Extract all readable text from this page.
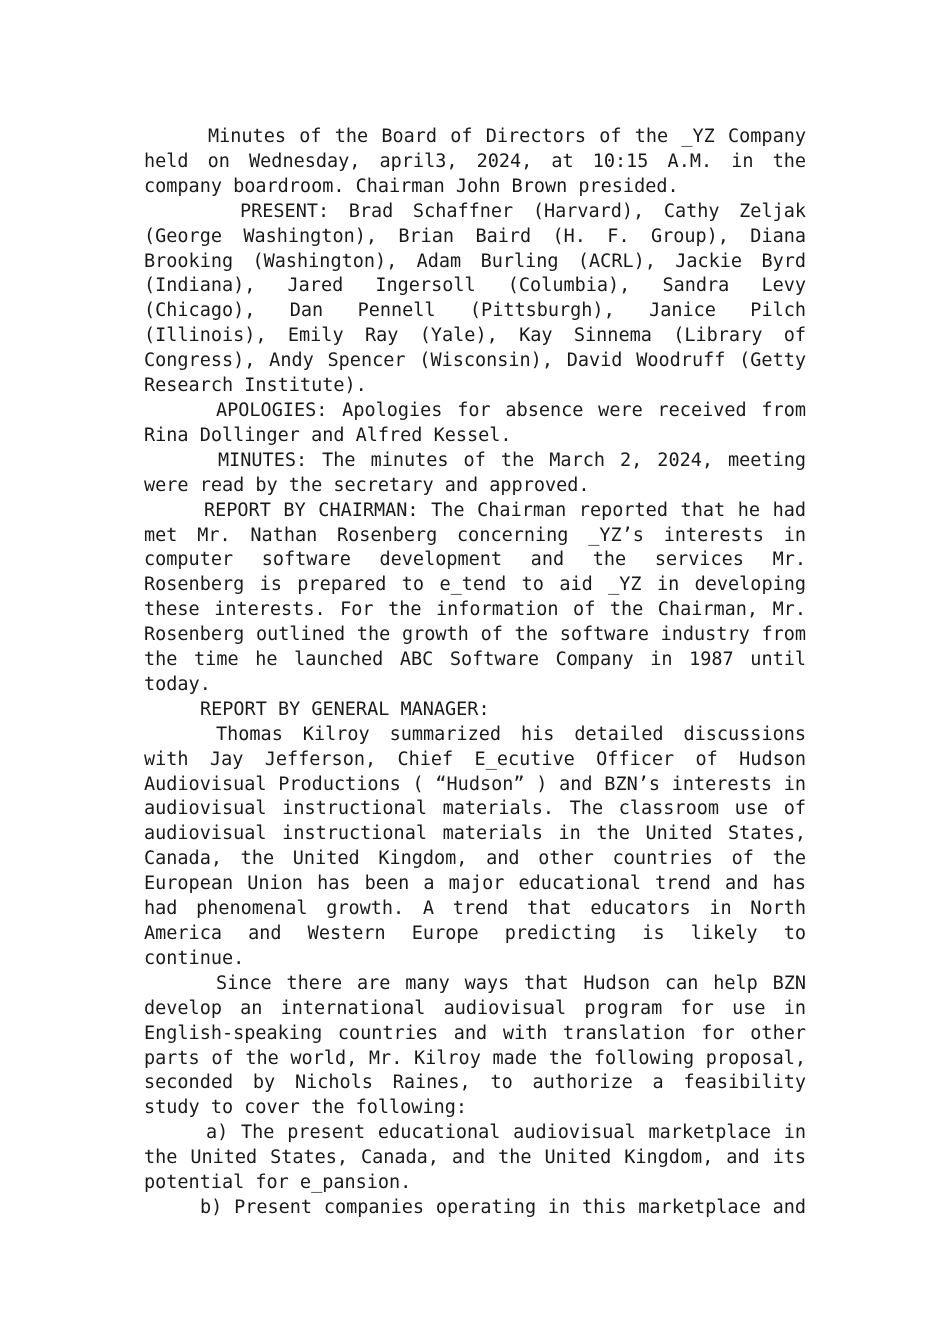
Minutes of the Board of Directors of the _YZ Company held on Wednesday, april3, 2024, at 10:15 A.M. in the company boardroom. Chairman John Brown presided.

PRESENT: Brad Schaffner (Harvard), Cathy Zeljak (George Washington), Brian Baird (H. F. Group), Diana Brooking (Washington), Adam Burling (ACRL), Jackie Byrd (Indiana), Jared Ingersoll (Columbia), Sandra Levy (Chicago), Dan Pennell (Pittsburgh), Janice Pilch (Illinois), Emily Ray (Yale), Kay Sinnema (Library of Congress), Andy Spencer (Wisconsin), David Woodruff (Getty Research Institute).

APOLOGIES: Apologies for absence were received from Rina Dollinger and Alfred Kessel.

MINUTES: The minutes of the March 2, 2024, meeting were read by the secretary and approved.

REPORT BY CHAIRMAN: The Chairman reported that he had met Mr. Nathan Rosenberg concerning _YZ’s interests in computer software development and the services Mr. Rosenberg is prepared to e_tend to aid _YZ in developing these interests. For the information of the Chairman, Mr. Rosenberg outlined the growth of the software industry from the time he launched ABC Software Company in 1987 until today.

REPORT BY GENERAL MANAGER:

Thomas Kilroy summarized his detailed discussions with Jay Jefferson, Chief E_ecutive Officer of Hudson Audiovisual Productions ( “Hudson” ) and BZN’s interests in audiovisual instructional materials. The classroom use of audiovisual instructional materials in the United States, Canada, the United Kingdom, and other countries of the European Union has been a major educational trend and has had phenomenal growth. A trend that educators in North America and Western Europe predicting is likely to continue.

Since there are many ways that Hudson can help BZN develop an international audiovisual program for use in English-speaking countries and with translation for other parts of the world, Mr. Kilroy made the following proposal, seconded by Nichols Raines, to authorize a feasibility study to cover the following:

a) The present educational audiovisual marketplace in the United States, Canada, and the United Kingdom, and its potential for e_pansion.

b) Present companies operating in this marketplace and
